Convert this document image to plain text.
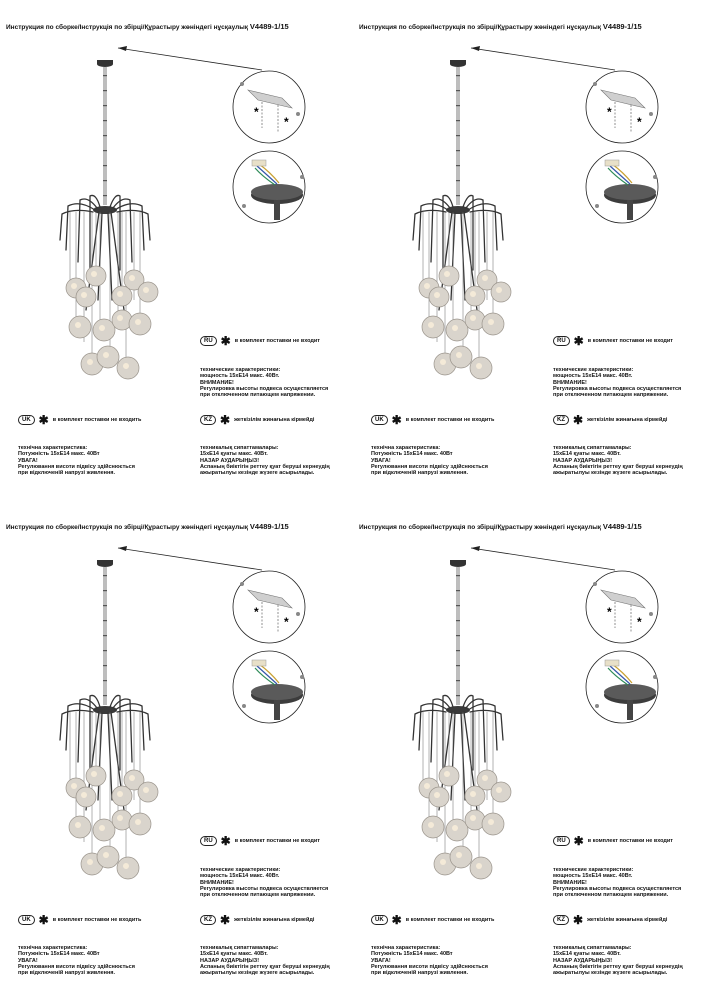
Инструкция по сборке/Інструкція по збірці/Құрастыру жөніндегі нұсқаулық V4489-1/15
*
*
RU ✱ в комплект поставки не входит
технические характеристики:
мощность 15хE14 макс. 40Вт.
ВНИМАНИЕ!
Регулировка высоты подвеса осуществляется
при отключенном питающем напряжении.
UK ✱ в комплект поставки не входить
технічна характеристика:
Потужність 15хE14 макс. 40Вт
УВАГА!
Регулювання висоти підвісу здійснюється
при відключеній напрузі живлення.
KZ ✱ жеткізілім жинағына кірмейді
техникалық сипаттамалары:
15хE14 қуаты макс. 40Вт.
НАЗАР АУДАРЫҢЫЗ!
Аспаның биіктігін реттеу қуат беруші кернеудің
ажыратылуы кезінде жүзеге асырылады.
Инструкция по сборке/Інструкція по збірці/Құрастыру жөніндегі нұсқаулық V4489-1/15
*
*
RU ✱ в комплект поставки не входит
технические характеристики:
мощность 15хE14 макс. 40Вт.
ВНИМАНИЕ!
Регулировка высоты подвеса осуществляется
при отключенном питающем напряжении.
UK ✱ в комплект поставки не входить
технічна характеристика:
Потужність 15хE14 макс. 40Вт
УВАГА!
Регулювання висоти підвісу здійснюється
при відключеній напрузі живлення.
KZ ✱ жеткізілім жинағына кірмейді
техникалық сипаттамалары:
15хE14 қуаты макс. 40Вт.
НАЗАР АУДАРЫҢЫЗ!
Аспаның биіктігін реттеу қуат беруші кернеудің
ажыратылуы кезінде жүзеге асырылады.
Инструкция по сборке/Інструкція по збірці/Құрастыру жөніндегі нұсқаулық V4489-1/15
*
*
RU ✱ в комплект поставки не входит
технические характеристики:
мощность 15хE14 макс. 40Вт.
ВНИМАНИЕ!
Регулировка высоты подвеса осуществляется
при отключенном питающем напряжении.
UK ✱ в комплект поставки не входить
технічна характеристика:
Потужність 15хE14 макс. 40Вт
УВАГА!
Регулювання висоти підвісу здійснюється
при відключеній напрузі живлення.
KZ ✱ жеткізілім жинағына кірмейді
техникалық сипаттамалары:
15хE14 қуаты макс. 40Вт.
НАЗАР АУДАРЫҢЫЗ!
Аспаның биіктігін реттеу қуат беруші кернеудің
ажыратылуы кезінде жүзеге асырылады.
Инструкция по сборке/Інструкція по збірці/Құрастыру жөніндегі нұсқаулық V4489-1/15
*
*
RU ✱ в комплект поставки не входит
технические характеристики:
мощность 15хE14 макс. 40Вт.
ВНИМАНИЕ!
Регулировка высоты подвеса осуществляется
при отключенном питающем напряжении.
UK ✱ в комплект поставки не входить
технічна характеристика:
Потужність 15хE14 макс. 40Вт
УВАГА!
Регулювання висоти підвісу здійснюється
при відключеній напрузі живлення.
KZ ✱ жеткізілім жинағына кірмейді
техникалық сипаттамалары:
15хE14 қуаты макс. 40Вт.
НАЗАР АУДАРЫҢЫЗ!
Аспаның биіктігін реттеу қуат беруші кернеудің
ажыратылуы кезінде жүзеге асырылады.
